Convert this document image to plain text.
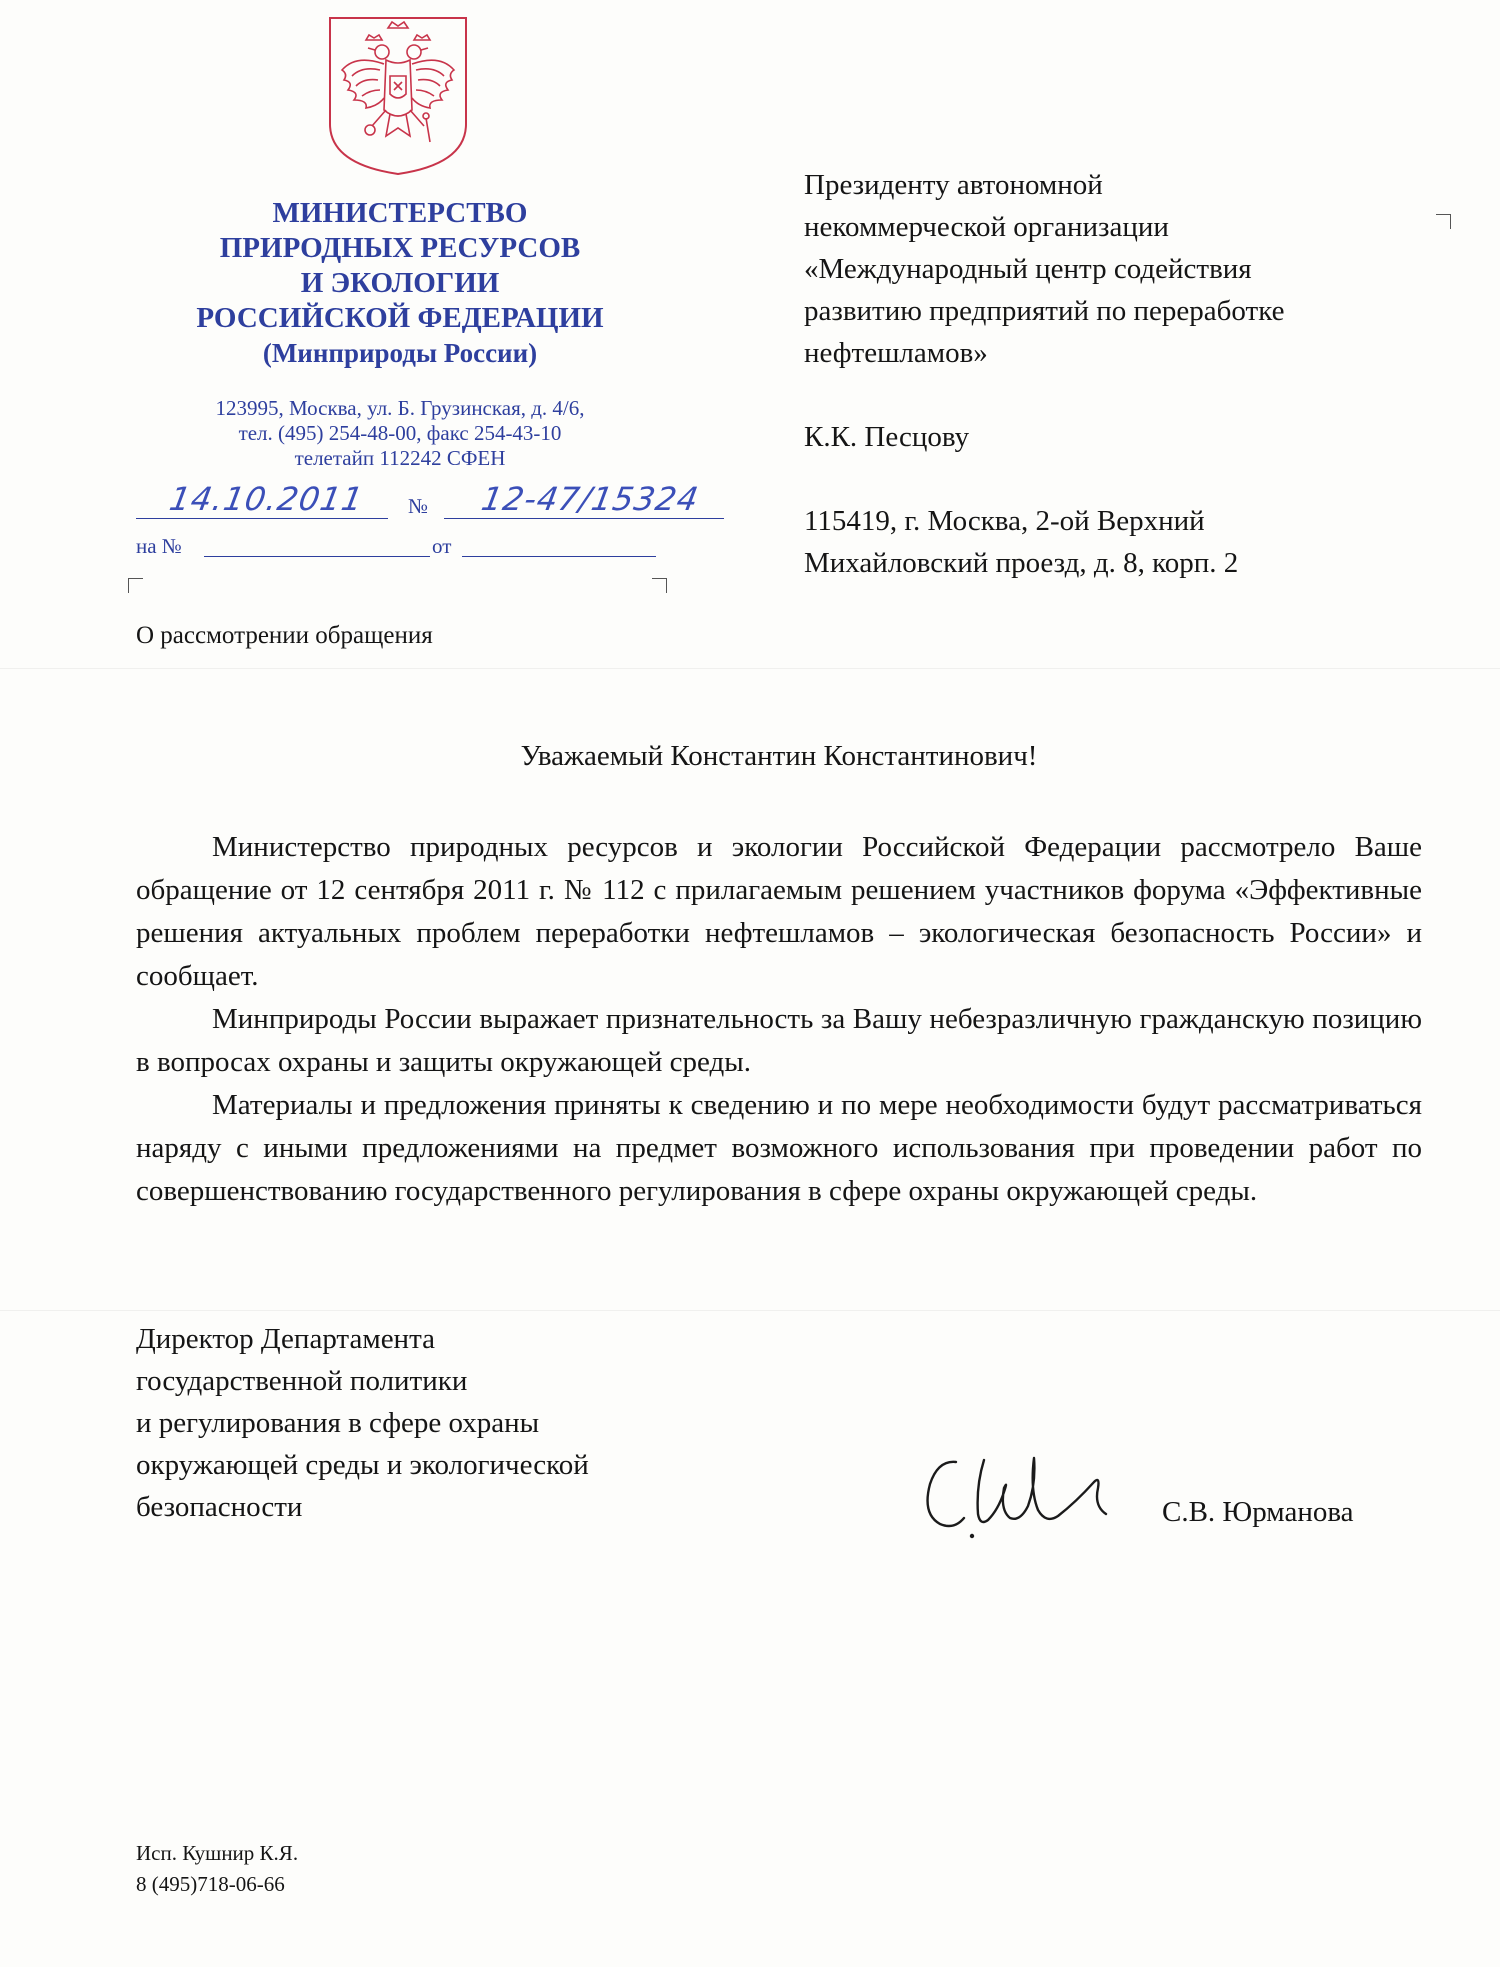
МИНИСТЕРСТВО
ПРИРОДНЫХ РЕСУРСОВ
И ЭКОЛОГИИ
РОССИЙСКОЙ ФЕДЕРАЦИИ
(Минприроды России)
123995, Москва, ул. Б. Грузинская, д. 4/6,
тел. (495) 254-48-00, факс 254-43-10
телетайп 112242 СФЕН
14.10.2011 № 12-47/15324
на №	от
О рассмотрении обращения
Президенту автономной
некоммерческой организации
«Международный центр содействия
развитию предприятий по переработке
нефтешламов»
К.К. Песцову
115419, г. Москва, 2-ой Верхний
Михайловский проезд, д. 8, корп. 2
Уважаемый Константин Константинович!

Министерство природных ресурсов и экологии Российской Федерации рассмотрело Ваше обращение от 12 сентября 2011 г. № 112 с прилагаемым решением участников форума «Эффективные решения актуальных проблем переработки нефтешламов – экологическая безопасность России» и сообщает.

Минприроды России выражает признательность за Вашу небезразличную гражданскую позицию в вопросах охраны и защиты окружающей среды.

Материалы и предложения приняты к сведению и по мере необходимости будут рассматриваться наряду с иными предложениями на предмет возможного использования при проведении работ по совершенствованию государственного регулирования в сфере охраны окружающей среды.

Директор Департамента
государственной политики
и регулирования в сфере охраны
окружающей среды и экологической
безопасности	С.В. Юрманова
Исп. Кушнир К.Я.
8 (495)718-06-66
